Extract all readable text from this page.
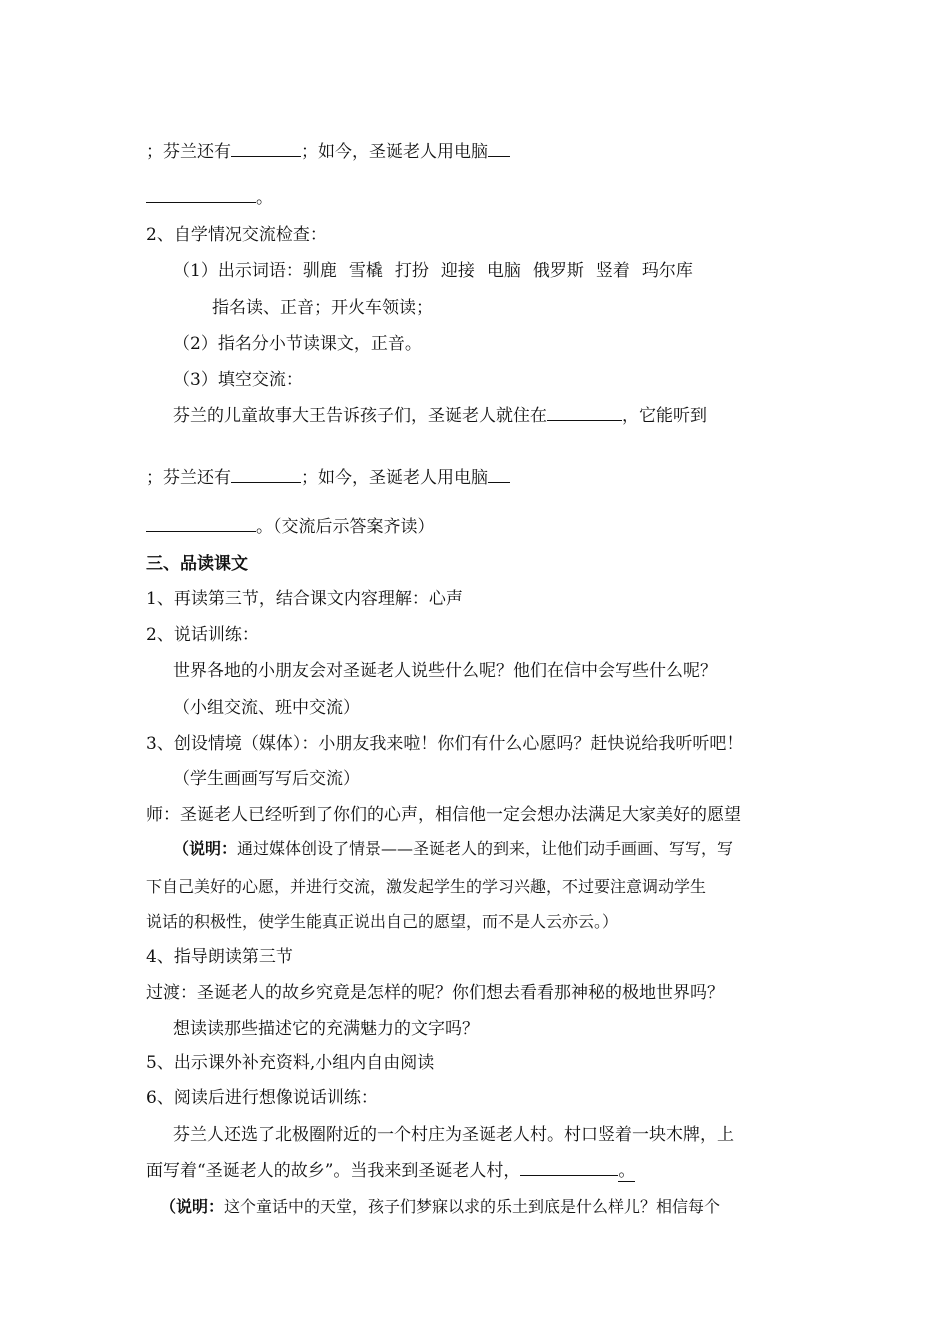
；芬兰还有	；如今，圣诞老人用电脑
。
2、自学情况交流检查：
（1）出示词语：驯鹿 雪橇 打扮 迎接 电脑 俄罗斯 竖着 玛尔库
指名读、正音；开火车领读；
（2）指名分小节读课文，正音。
（3）填空交流：
芬兰的儿童故事大王告诉孩子们，圣诞老人就住在	，它能听到
；芬兰还有	；如今，圣诞老人用电脑
。（交流后示答案齐读）
三、品读课文
1、再读第三节，结合课文内容理解：心声
2、说话训练：
世界各地的小朋友会对圣诞老人说些什么呢？他们在信中会写些什么呢？
（小组交流、班中交流）
3、创设情境（媒体）：小朋友我来啦！你们有什么心愿吗？赶快说给我听听吧！
（学生画画写写后交流）
师：圣诞老人已经听到了你们的心声，相信他一定会想办法满足大家美好的愿望
（说明：通过媒体创设了情景——圣诞老人的到来，让他们动手画画、写写，写
下自己美好的心愿，并进行交流，激发起学生的学习兴趣，不过要注意调动学生
说话的积极性，使学生能真正说出自己的愿望，而不是人云亦云。）
4、指导朗读第三节
过渡：圣诞老人的故乡究竟是怎样的呢？你们想去看看那神秘的极地世界吗？
想读读那些描述它的充满魅力的文字吗？
5、出示课外补充资料,小组内自由阅读
6、阅读后进行想像说话训练：
芬兰人还选了北极圈附近的一个村庄为圣诞老人村。村口竖着一块木牌，上
面写着“圣诞老人的故乡”。当我来到圣诞老人村，	。
（说明：这个童话中的天堂，孩子们梦寐以求的乐土到底是什么样儿？相信每个
